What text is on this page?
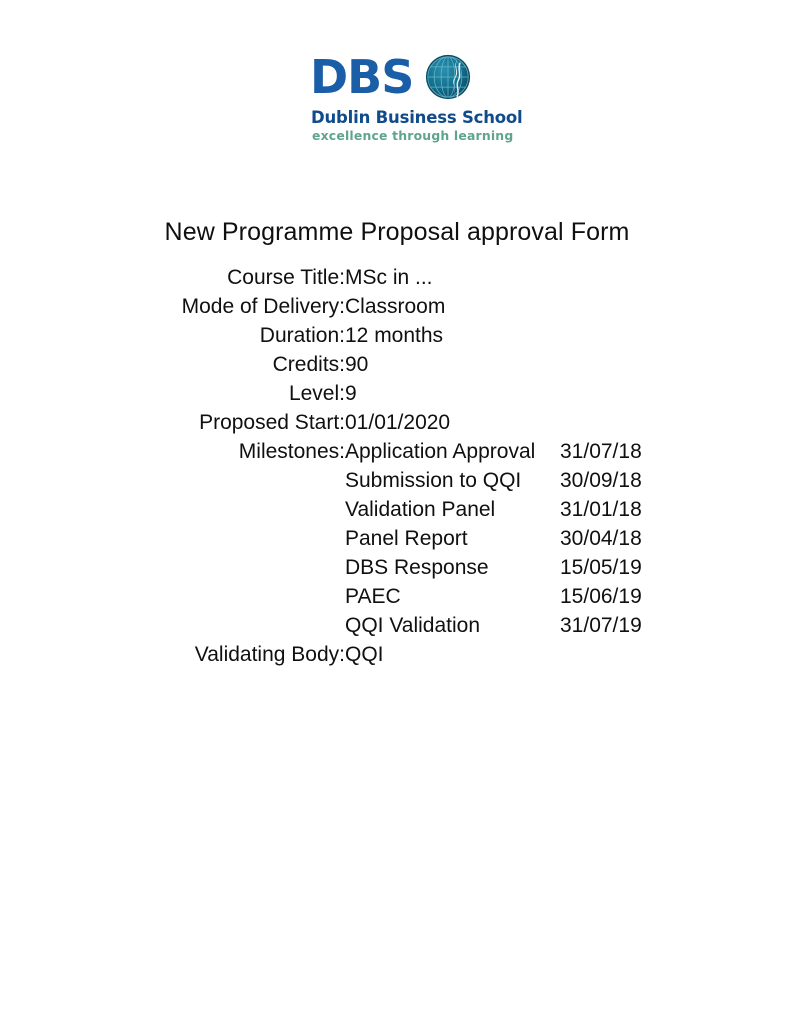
DBS
Dublin Business School
excellence through learning
New Programme Proposal approval Form
Course Title:	MSc in ...
Mode of Delivery:	Classroom
Duration:	12 months
Credits:	90
Level:	9
Proposed Start:	01/01/2020
Milestones:	Application Approval	31/07/18
Submission to QQI	30/09/18
Validation Panel	31/01/18
Panel Report	30/04/18
DBS Response	15/05/19
PAEC	15/06/19
QQI Validation	31/07/19

Validating Body:	QQI
